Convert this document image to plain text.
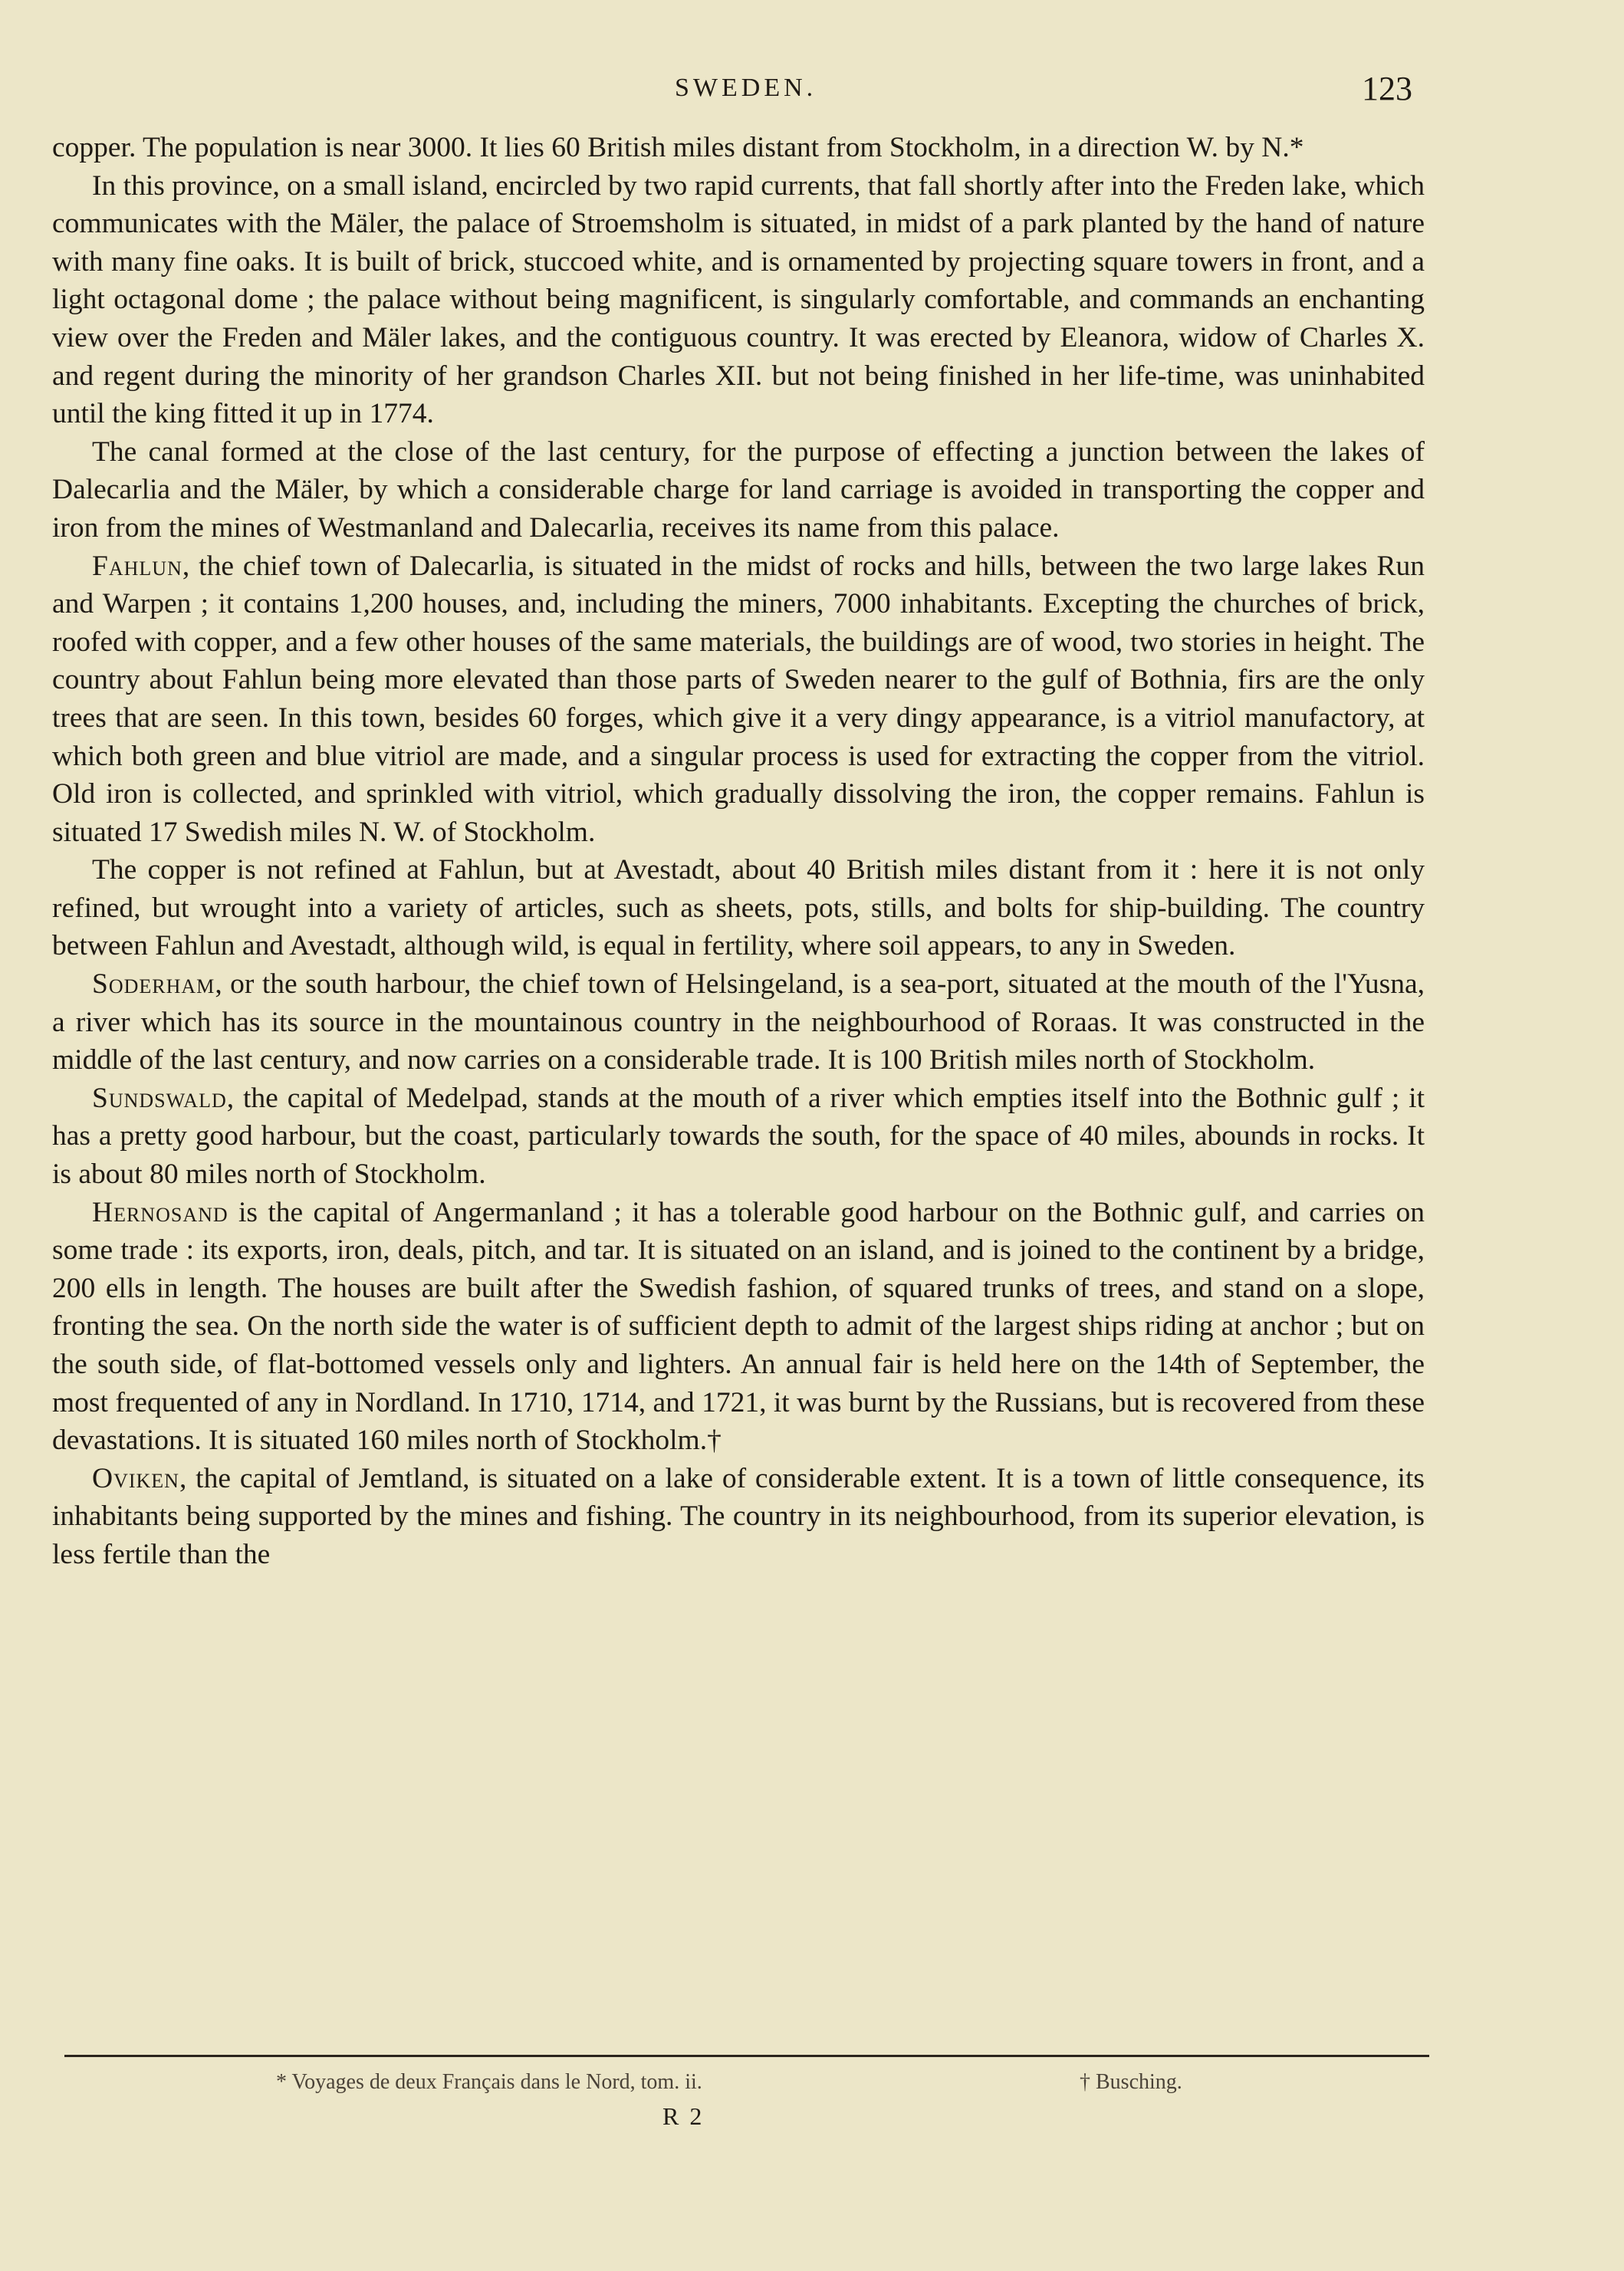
SWEDEN.	123

copper. The population is near 3000. It lies 60 British miles distant from Stockholm, in a direction W. by N.*

In this province, on a small island, encircled by two rapid currents, that fall shortly after into the Freden lake, which communicates with the Mäler, the palace of Stroemsholm is situated, in midst of a park planted by the hand of nature with many fine oaks. It is built of brick, stuccoed white, and is ornamented by projecting square towers in front, and a light octagonal dome ; the palace without being magnificent, is singularly comfortable, and commands an enchanting view over the Freden and Mäler lakes, and the contiguous country. It was erected by Eleanora, widow of Charles X. and regent during the minority of her grandson Charles XII. but not being finished in her life-time, was uninhabited until the king fitted it up in 1774.

The canal formed at the close of the last century, for the purpose of effecting a junction between the lakes of Dalecarlia and the Mäler, by which a considerable charge for land carriage is avoided in transporting the copper and iron from the mines of Westmanland and Dalecarlia, receives its name from this palace.

Fahlun, the chief town of Dalecarlia, is situated in the midst of rocks and hills, between the two large lakes Run and Warpen ; it contains 1,200 houses, and, including the miners, 7000 inhabitants. Excepting the churches of brick, roofed with copper, and a few other houses of the same materials, the buildings are of wood, two stories in height. The country about Fahlun being more elevated than those parts of Sweden nearer to the gulf of Bothnia, firs are the only trees that are seen. In this town, besides 60 forges, which give it a very dingy appearance, is a vitriol manufactory, at which both green and blue vitriol are made, and a singular process is used for extracting the copper from the vitriol. Old iron is collected, and sprinkled with vitriol, which gradually dissolving the iron, the copper remains. Fahlun is situated 17 Swedish miles N. W. of Stockholm.

The copper is not refined at Fahlun, but at Avestadt, about 40 British miles distant from it : here it is not only refined, but wrought into a variety of articles, such as sheets, pots, stills, and bolts for ship-building. The country between Fahlun and Avestadt, although wild, is equal in fertility, where soil appears, to any in Sweden.

Soderham, or the south harbour, the chief town of Helsingeland, is a sea-port, situated at the mouth of the l'Yusna, a river which has its source in the mountainous country in the neighbourhood of Roraas. It was constructed in the middle of the last century, and now carries on a considerable trade. It is 100 British miles north of Stockholm.

Sundswald, the capital of Medelpad, stands at the mouth of a river which empties itself into the Bothnic gulf ; it has a pretty good harbour, but the coast, particularly towards the south, for the space of 40 miles, abounds in rocks. It is about 80 miles north of Stockholm.

Hernosand is the capital of Angermanland ; it has a tolerable good harbour on the Bothnic gulf, and carries on some trade : its exports, iron, deals, pitch, and tar. It is situated on an island, and is joined to the continent by a bridge, 200 ells in length. The houses are built after the Swedish fashion, of squared trunks of trees, and stand on a slope, fronting the sea. On the north side the water is of sufficient depth to admit of the largest ships riding at anchor ; but on the south side, of flat-bottomed vessels only and lighters. An annual fair is held here on the 14th of September, the most frequented of any in Nordland. In 1710, 1714, and 1721, it was burnt by the Russians, but is recovered from these devastations. It is situated 160 miles north of Stockholm.†

Oviken, the capital of Jemtland, is situated on a lake of considerable extent. It is a town of little consequence, its inhabitants being supported by the mines and fishing. The country in its neighbourhood, from its superior elevation, is less fertile than the

* Voyages de deux Français dans le Nord, tom. ii.	† Busching.
R 2
